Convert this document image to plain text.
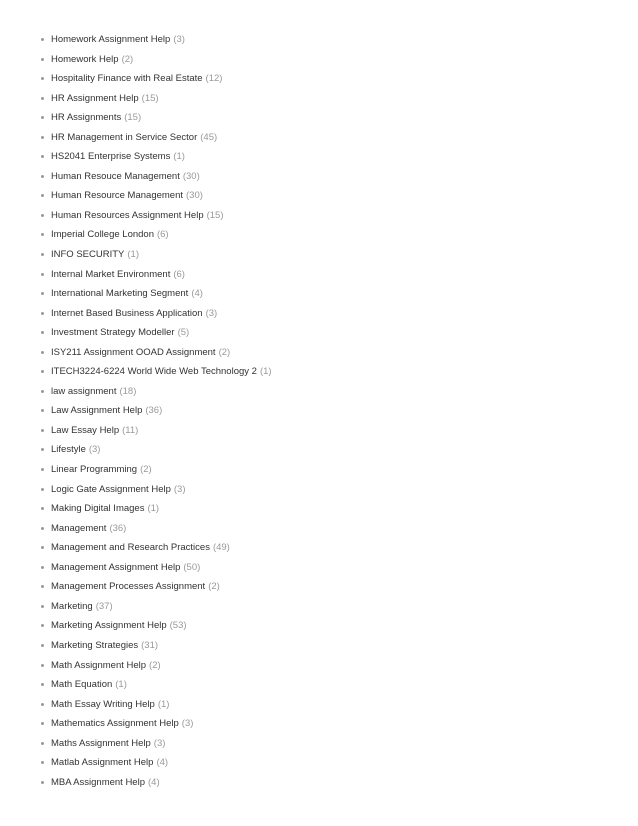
Homework Assignment Help (3)
Homework Help (2)
Hospitality Finance with Real Estate (12)
HR Assignment Help (15)
HR Assignments (15)
HR Management in Service Sector (45)
HS2041 Enterprise Systems (1)
Human Resouce Management (30)
Human Resource Management (30)
Human Resources Assignment Help (15)
Imperial College London (6)
INFO SECURITY (1)
Internal Market Environment (6)
International Marketing Segment (4)
Internet Based Business Application (3)
Investment Strategy Modeller (5)
ISY211 Assignment OOAD Assignment (2)
ITECH3224-6224 World Wide Web Technology 2 (1)
law assignment (18)
Law Assignment Help (36)
Law Essay Help (11)
Lifestyle (3)
Linear Programming (2)
Logic Gate Assignment Help (3)
Making Digital Images (1)
Management (36)
Management and Research Practices (49)
Management Assignment Help (50)
Management Processes Assignment (2)
Marketing (37)
Marketing Assignment Help (53)
Marketing Strategies (31)
Math Assignment Help (2)
Math Equation (1)
Math Essay Writing Help (1)
Mathematics Assignment Help (3)
Maths Assignment Help (3)
Matlab Assignment Help (4)
MBA Assignment Help (4)
